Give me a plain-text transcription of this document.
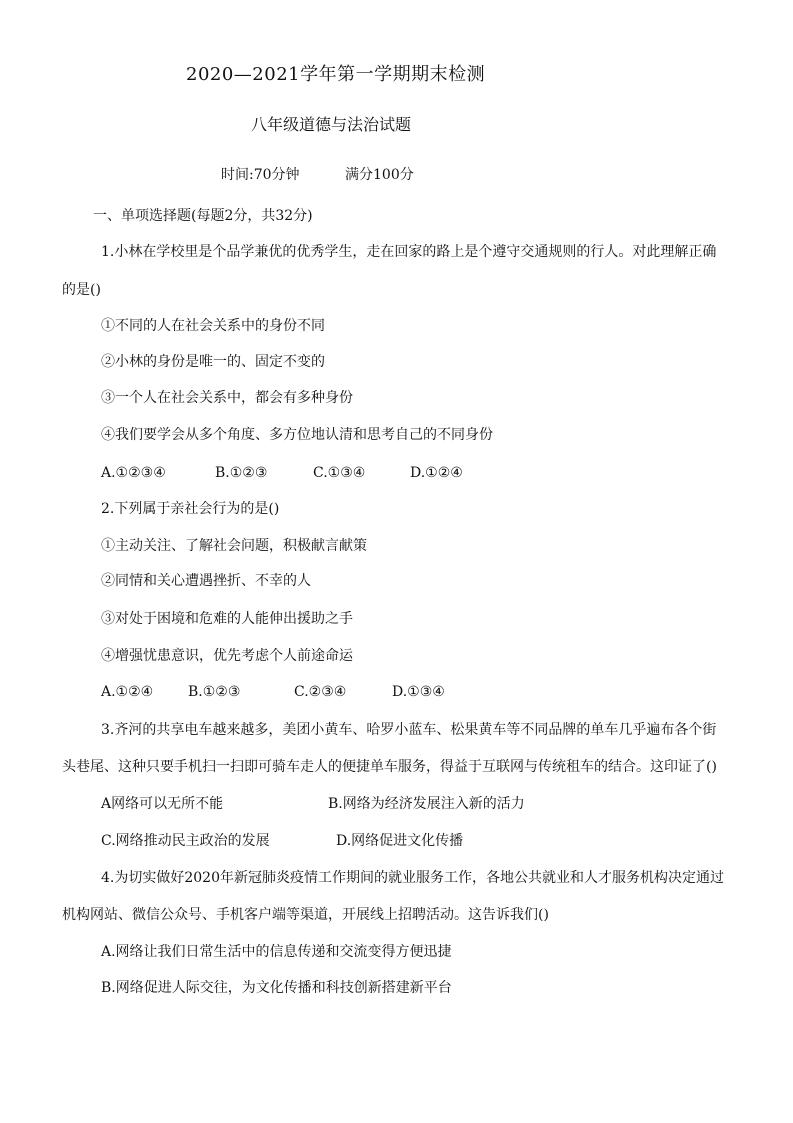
2020—2021学年第一学期期末检测
八年级道德与法治试题
时间:70分钟	满分100分
一、单项选择题(每题2分，共32分)
1.小林在学校里是个品学兼优的优秀学生，走在回家的路上是个遵守交通规则的行人。对此理解正确
的是()
①不同的人在社会关系中的身份不同
②小林的身份是唯一的、固定不变的
③一个人在社会关系中，都会有多种身份
④我们要学会从多个角度、多方位地认清和思考自己的不同身份
A.①②③④	B.①②③	C.①③④	D.①②④
2.下列属于亲社会行为的是()
①主动关注、了解社会问题，积极献言献策
②同情和关心遭遇挫折、不幸的人
③对处于困境和危难的人能伸出援助之手
④增强忧患意识，优先考虑个人前途命运
A.①②④ B.①②③	C.②③④	D.①③④
3.齐河的共享电车越来越多，美团小黄车、哈罗小蓝车、松果黄车等不同品牌的单车几乎遍布各个街
头巷尾、这种只要手机扫一扫即可骑车走人的便捷单车服务，得益于互联网与传统租车的结合。这印证了()
A网络可以无所不能	B.网络为经济发展注入新的活力
C.网络推动民主政治的发展	D.网络促进文化传播
4.为切实做好2020年新冠肺炎疫情工作期间的就业服务工作，各地公共就业和人才服务机构决定通过
机构网站、微信公众号、手机客户端等渠道，开展线上招聘活动。这告诉我们()
A.网络让我们日常生活中的信息传递和交流变得方便迅捷
B.网络促进人际交往，为文化传播和科技创新搭建新平台
